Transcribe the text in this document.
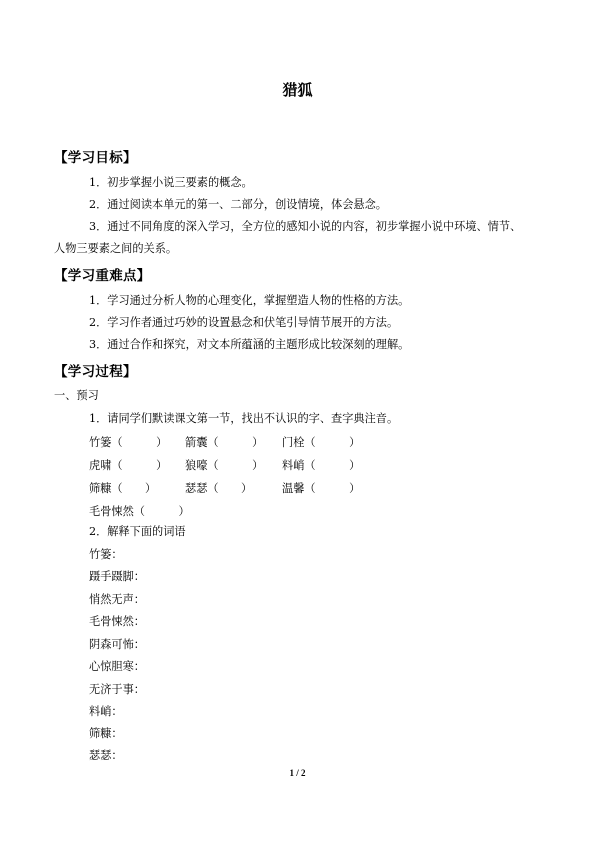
猎狐
【学习目标】
1．初步掌握小说三要素的概念。
2．通过阅读本单元的第一、二部分，创设情境，体会悬念。
3．通过不同角度的深入学习，全方位的感知小说的内容，初步掌握小说中环境、情节、
人物三要素之间的关系。
【学习重难点】
1．学习通过分析人物的心理变化，掌握塑造人物的性格的方法。
2．学习作者通过巧妙的设置悬念和伏笔引导情节展开的方法。
3．通过合作和探究，对文本所蕴涵的主题形成比较深刻的理解。
【学习过程】
一、预习
1．请同学们默读课文第一节，找出不认识的字、查字典注音。
竹篓（　　　） 箭囊（　　　） 门栓（　　　）
虎啸（　　　） 狼嚎（　　　） 料峭（　　　）
筛糠（　　）	瑟瑟（　　）	温馨（　　　）
毛骨悚然（　　　）
2．解释下面的词语
竹篓：
蹑手蹑脚：
悄然无声：
毛骨悚然：
阴森可怖：
心惊胆寒：
无济于事：
料峭：
筛糠：
瑟瑟：
1 / 2
